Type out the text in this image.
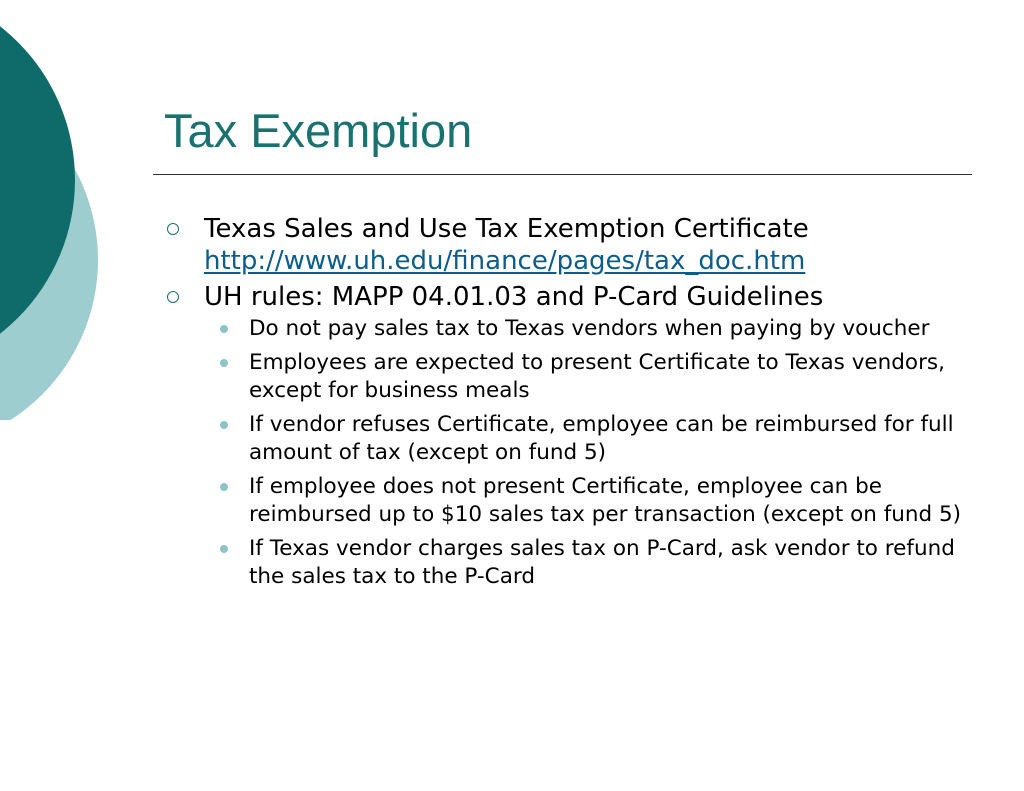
Tax Exemption
Texas Sales and Use Tax Exemption Certificate
http://www.uh.edu/finance/pages/tax_doc.htm
UH rules: MAPP 04.01.03 and P-Card Guidelines
Do not pay sales tax to Texas vendors when paying by voucher
Employees are expected to present Certificate to Texas vendors, except for business meals
If vendor refuses Certificate, employee can be reimbursed for full amount of tax (except on fund 5)
If employee does not present Certificate, employee can be reimbursed up to $10 sales tax per transaction (except on fund 5)
If Texas vendor charges sales tax on P-Card, ask vendor to refund the sales tax to the P-Card
